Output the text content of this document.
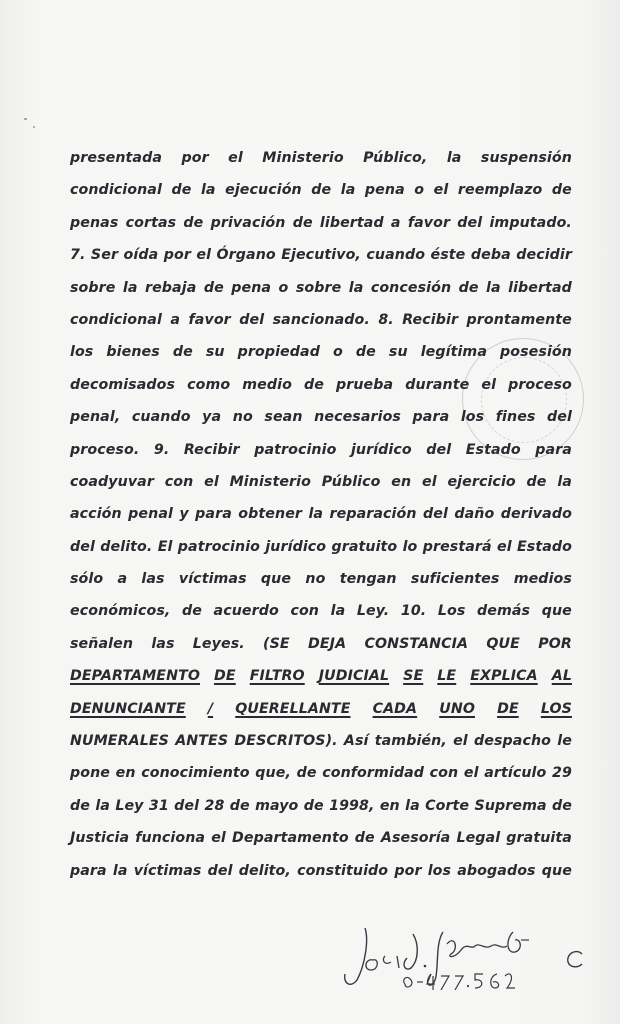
presentada por el Ministerio Público, la suspensión
condicional de la ejecución de la pena o el reemplazo de
penas cortas de privación de libertad a favor del imputado.
7. Ser oída por el Órgano Ejecutivo, cuando éste deba decidir
sobre la rebaja de pena o sobre la concesión de la libertad
condicional a favor del sancionado. 8. Recibir prontamente
los bienes de su propiedad o de su legítima posesión
decomisados como medio de prueba durante el proceso
penal, cuando ya no sean necesarios para los fines del
proceso. 9. Recibir patrocinio jurídico del Estado para
coadyuvar con el Ministerio Público en el ejercicio de la
acción penal y para obtener la reparación del daño derivado
del delito. El patrocinio jurídico gratuito lo prestará el Estado
sólo a las víctimas que no tengan suficientes medios
económicos, de acuerdo con la Ley. 10. Los demás que
señalen las Leyes. (SE DEJA CONSTANCIA QUE POR
DEPARTAMENTO DE FILTRO JUDICIAL SE LE EXPLICA AL
DENUNCIANTE / QUERELLANTE CADA UNO DE LOS
NUMERALES ANTES DESCRITOS). Así también, el despacho le
pone en conocimiento que, de conformidad con el artículo 29
de la Ley 31 del 28 de mayo de 1998, en la Corte Suprema de
Justicia funciona el Departamento de Asesoría Legal gratuita
para la víctimas del delito, constituido por los abogados que
